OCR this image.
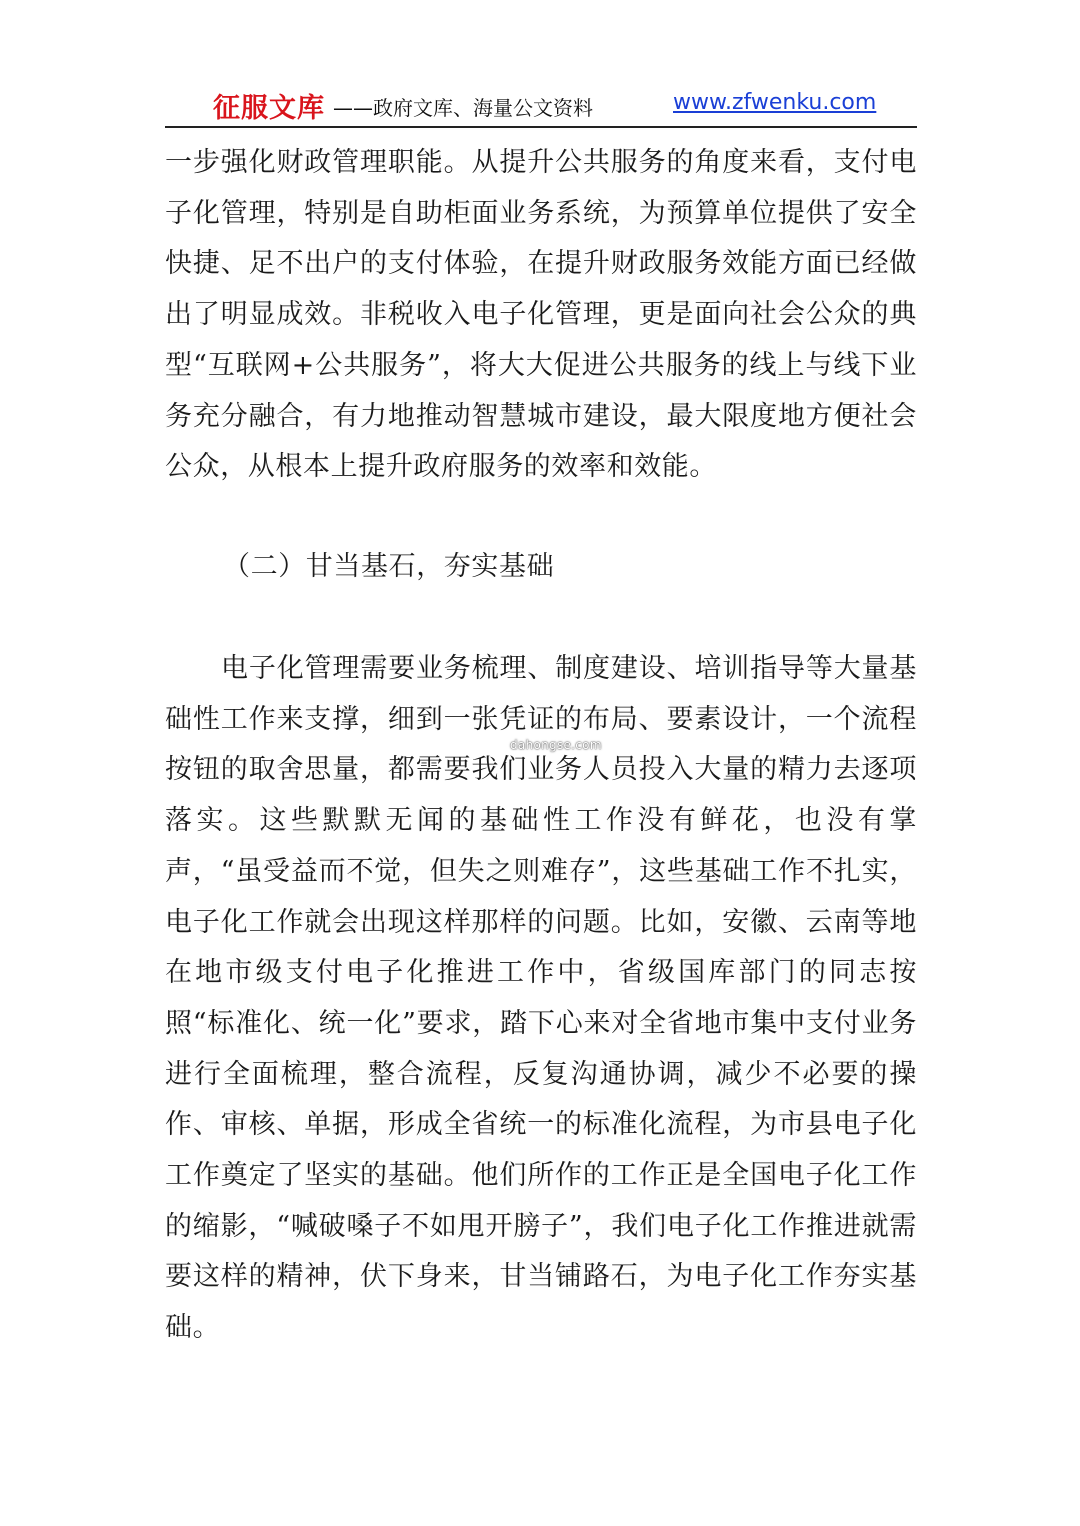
征服文库 ——政府文库、海量公文资料	www.zfwenku.com

一步强化财政管理职能。从提升公共服务的角度来看，支付电子化管理，特别是自助柜面业务系统，为预算单位提供了安全快捷、足不出户的支付体验，在提升财政服务效能方面已经做出了明显成效。非税收入电子化管理，更是面向社会公众的典型“互联网+公共服务”，将大大促进公共服务的线上与线下业务充分融合，有力地推动智慧城市建设，最大限度地方便社会公众，从根本上提升政府服务的效率和效能。

（二）甘当基石，夯实基础

电子化管理需要业务梳理、制度建设、培训指导等大量基础性工作来支撑，细到一张凭证的布局、要素设计，一个流程按钮的取舍思量，都需要我们业务人员投入大量的精力去逐项落实。这些默默无闻的基础性工作没有鲜花，也没有掌声，“虽受益而不觉，但失之则难存”，这些基础工作不扎实，电子化工作就会出现这样那样的问题。比如，安徽、云南等地在地市级支付电子化推进工作中，省级国库部门的同志按照“标准化、统一化”要求，踏下心来对全省地市集中支付业务进行全面梳理，整合流程，反复沟通协调，减少不必要的操作、审核、单据，形成全省统一的标准化流程，为市县电子化工作奠定了坚实的基础。他们所作的工作正是全国电子化工作的缩影，“喊破嗓子不如甩开膀子”，我们电子化工作推进就需要这样的精神，伏下身来，甘当铺路石，为电子化工作夯实基础。

dahongse.com
